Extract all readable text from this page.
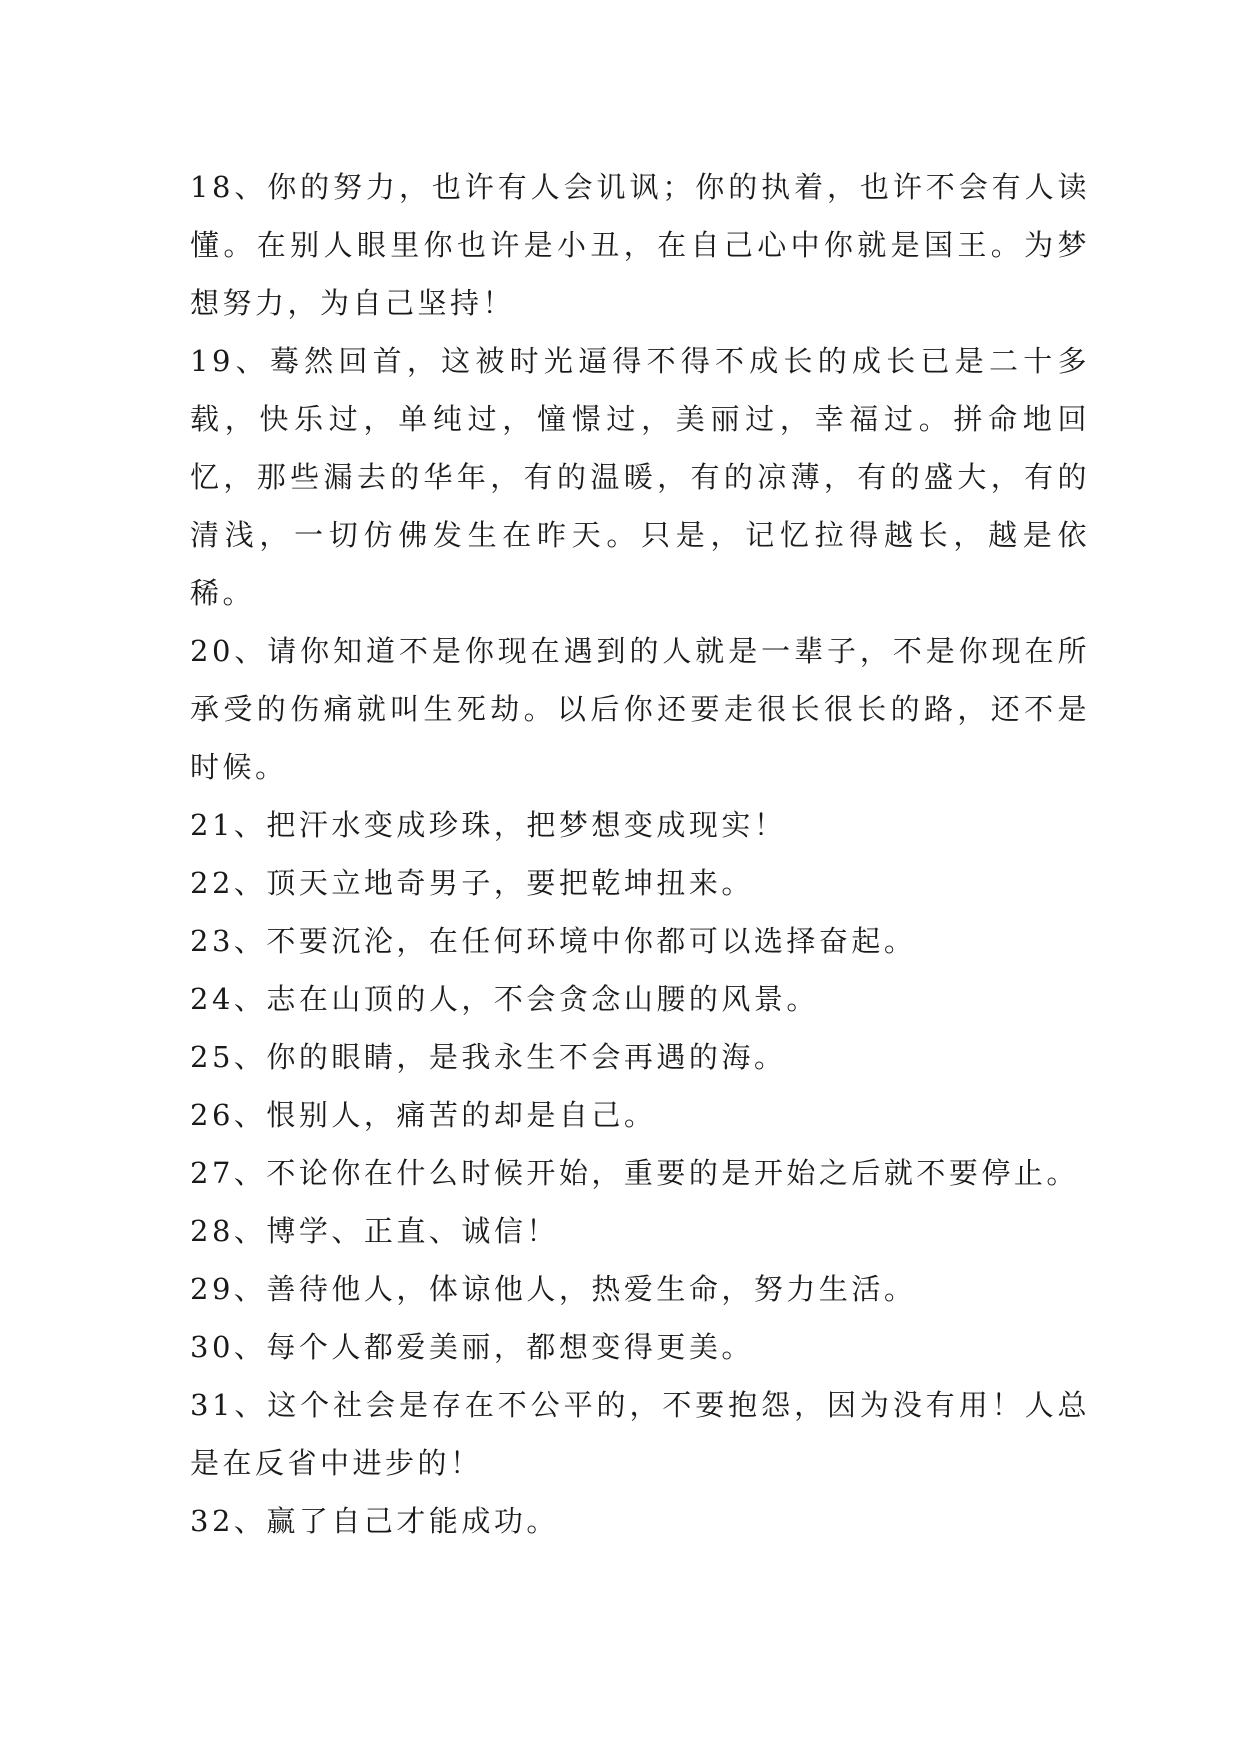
18、你的努力，也许有人会讥讽；你的执着，也许不会有人读懂。在别人眼里你也许是小丑，在自己心中你就是国王。为梦想努力，为自己坚持！

19、蓦然回首，这被时光逼得不得不成长的成长已是二十多载，快乐过，单纯过，憧憬过，美丽过，幸福过。拼命地回忆，那些漏去的华年，有的温暖，有的凉薄，有的盛大，有的清浅，一切仿佛发生在昨天。只是，记忆拉得越长，越是依稀。

20、请你知道不是你现在遇到的人就是一辈子，不是你现在所承受的伤痛就叫生死劫。以后你还要走很长很长的路，还不是时候。

21、把汗水变成珍珠，把梦想变成现实！

22、顶天立地奇男子，要把乾坤扭来。

23、不要沉沦，在任何环境中你都可以选择奋起。

24、志在山顶的人，不会贪念山腰的风景。

25、你的眼睛，是我永生不会再遇的海。

26、恨别人，痛苦的却是自己。

27、不论你在什么时候开始，重要的是开始之后就不要停止。

28、博学、正直、诚信！

29、善待他人，体谅他人，热爱生命，努力生活。

30、每个人都爱美丽，都想变得更美。

31、这个社会是存在不公平的，不要抱怨，因为没有用！人总是在反省中进步的！

32、赢了自己才能成功。
